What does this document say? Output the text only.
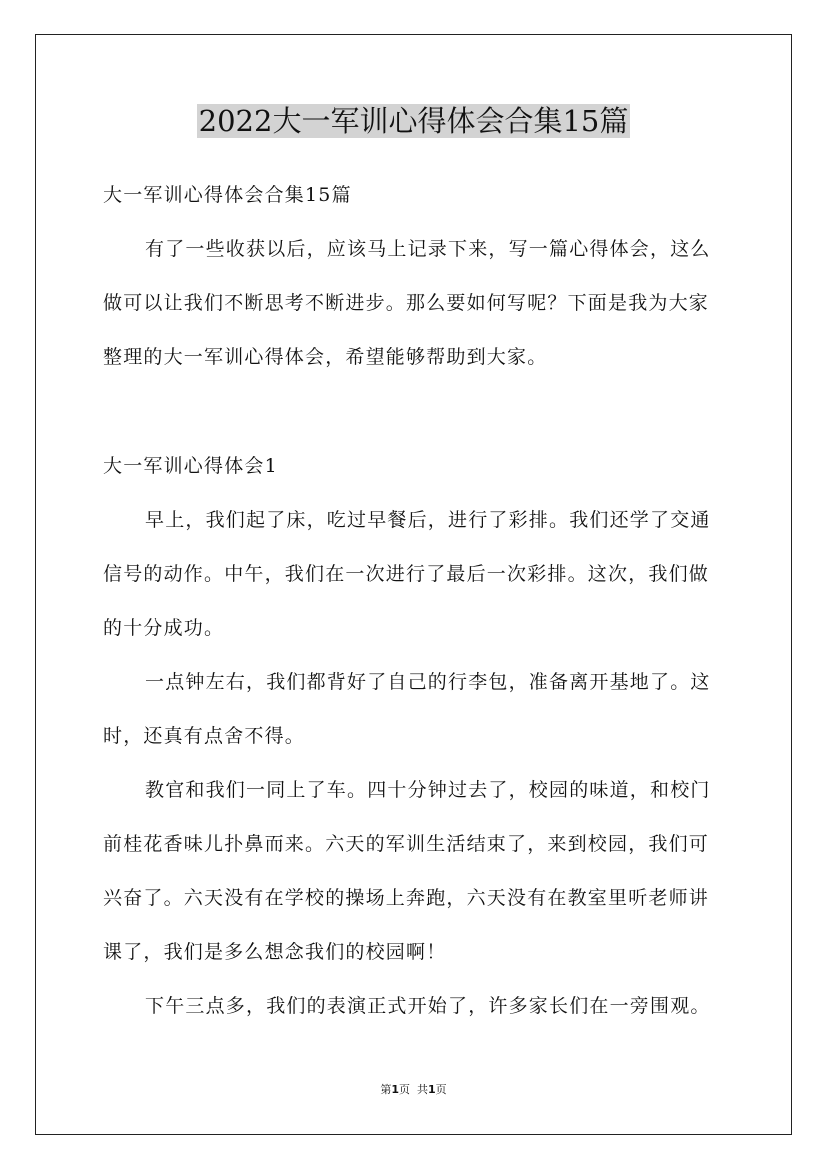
2022大一军训心得体会合集15篇
大一军训心得体会合集15篇
有了一些收获以后，应该马上记录下来，写一篇心得体会，这么
做可以让我们不断思考不断进步。那么要如何写呢？下面是我为大家
整理的大一军训心得体会，希望能够帮助到大家。
大一军训心得体会1
早上，我们起了床，吃过早餐后，进行了彩排。我们还学了交通
信号的动作。中午，我们在一次进行了最后一次彩排。这次，我们做
的十分成功。
一点钟左右，我们都背好了自己的行李包，准备离开基地了。这
时，还真有点舍不得。
教官和我们一同上了车。四十分钟过去了，校园的味道，和校门
前桂花香味儿扑鼻而来。六天的军训生活结束了，来到校园，我们可
兴奋了。六天没有在学校的操场上奔跑，六天没有在教室里听老师讲
课了，我们是多么想念我们的校园啊！
下午三点多，我们的表演正式开始了，许多家长们在一旁围观。
第1页  共1页
